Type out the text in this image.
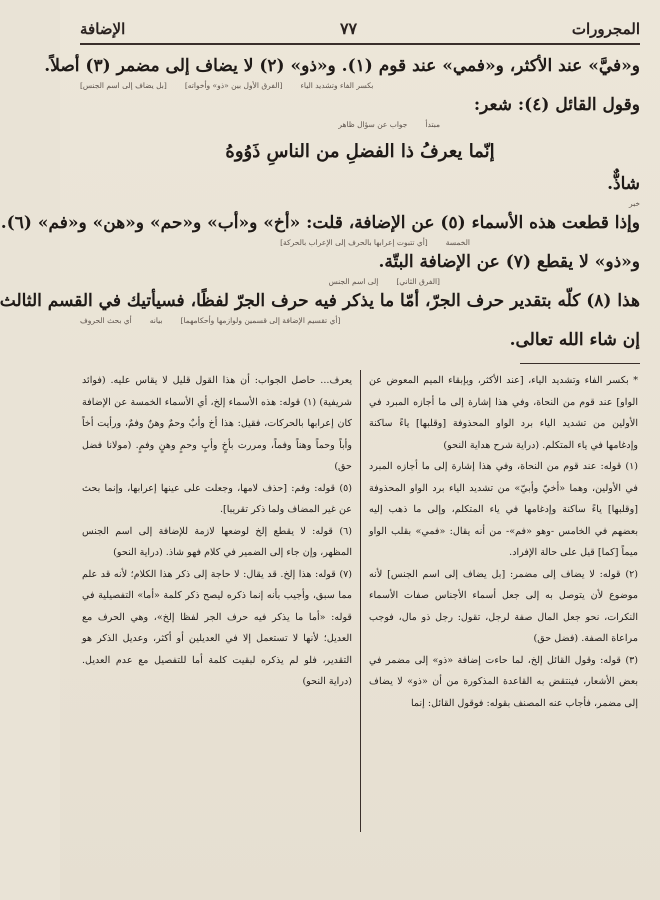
المجرورات
٧٧
الإضافة

و«فيَّ» عند الأكثر، و«فمي» عند قوم (١). و«ذو» (٢) لا يضاف إلى مضمر (٣) أصلاً.

بكسر الفاء وتشديد الياء
[الفرق الأول بين «ذو» وأخواته]
[بل يضاف إلى اسم الجنس]

وقول القائل (٤): شعر:

مبتدأ
جواب عن سؤال ظاهر

إنّما يعرفُ ذا الفضلِ من الناسِ ذَوُوهُ

شاذٌّ.

خبر

وإذا قطعت هذه الأسماء (٥) عن الإضافة، قلت: «أخ» و«أب» و«حم» و«هن» و«فم» (٦).

الخمسة
[أي تتبوت إعرابها بالحرف إلى الإعراب بالحركة]

و«ذو» لا يقطع (٧) عن الإضافة البتّة.

[الفرق الثاني]
إلى اسم الجنس

هذا (٨) كلّه بتقدير حرف الجرّ، أمّا ما يذكر فيه حرف الجرّ لفظًا، فسيأتيك في القسم الثالث

[أي تقسيم الإضافة إلى قسمين ولوازمها وأحكامهما]
بيانه
أي بحث الحروف

إن شاء الله تعالى.

* بكسر الفاء وتشديد الياء، [عند الأكثر، وبإبقاء الميم المعوض عن الواو] عند قوم من النحاة، وفي هذا إشارة إلى ما أجازه المبرد في الأولين من تشديد الياء برد الواو المحذوفة [وقلبها] ياءً ساكنة وإدغامها في ياء المتكلم. (دراية شرح هداية النحو)

(١) قوله: عند قوم من النحاة، وفي هذا إشارة إلى ما أجازه المبرد في الأولين، وهما «أخيّ وأبيّ» من تشديد الياء برد الواو المحذوفة [وقلبها] ياءً ساكنة وإدغامها في ياء المتكلم، وإلى ما ذهب إليه بعضهم في الخامس -وهو «فم»- من أنه يقال: «فمي» بقلب الواو ميماً [كما] قيل على حالة الإفراد.

(٢) قوله: لا يضاف إلى مضمر: [بل يضاف إلى اسم الجنس] لأنه موضوع لأن يتوصل به إلى جعل أسماء الأجناس صفات الأسماء النكرات، نحو جعل المال صفة لرجل، تقول: رجل ذو مال، فوجب مراعاة الصفة. (فضل حق)

(٣) قوله: وقول القائل إلخ، لما حاءت إضافة «ذو» إلى مضمر في بعض الأشعار، فينتقض به القاعدة المذكورة من أن «ذو» لا يضاف إلى مضمر، فأجاب عنه المصنف بقوله: فوقول القائل: إنما

يعرف... حاصل الجواب: أن هذا القول قليل لا يقاس عليه. (فوائد شريفية) (١) قوله: هذه الأسماء إلخ، أي الأسماء الخمسة عن الإضافة كان إعرابها بالحركات، فقيل: هذا أخ وأبٌ وحمٌ وهنٌ وفمٌ، ورأيت أخاً وأباً وحماً وهناً وفماً، ومررت بأخٍ وأبٍ وحمٍ وهنٍ وفمٍ. (مولانا فضل حق)

(٥) قوله: وفم: [حذف لامها، وجعلت على عينها إعرابها، وإنما بحث عن غير المضاف ولما ذكر تقريبا].

(٦) قوله: لا يقطع إلخ لوضعها لازمة للإضافة إلى اسم الجنس المظهر، وإن جاء إلى الضمير في كلام فهو شاذ. (دراية النحو)

(٧) قوله: هذا إلخ. قد يقال: لا حاجة إلى ذكر هذا الكلام؛ لأنه قد علم مما سبق، وأجيب بأنه إنما ذكره ليصح ذكر كلمة «أما» التفصيلية في قوله: «أما ما يذكر فيه حرف الجر لفظا إلخ»، وهي الحرف مع العديل؛ لأنها لا تستعمل إلا في العديلين أو أكثر، وعديل الذكر هو التقدير، فلو لم يذكره لبقيت كلمة أما للتفصيل مع عدم العديل. (دراية النحو)
